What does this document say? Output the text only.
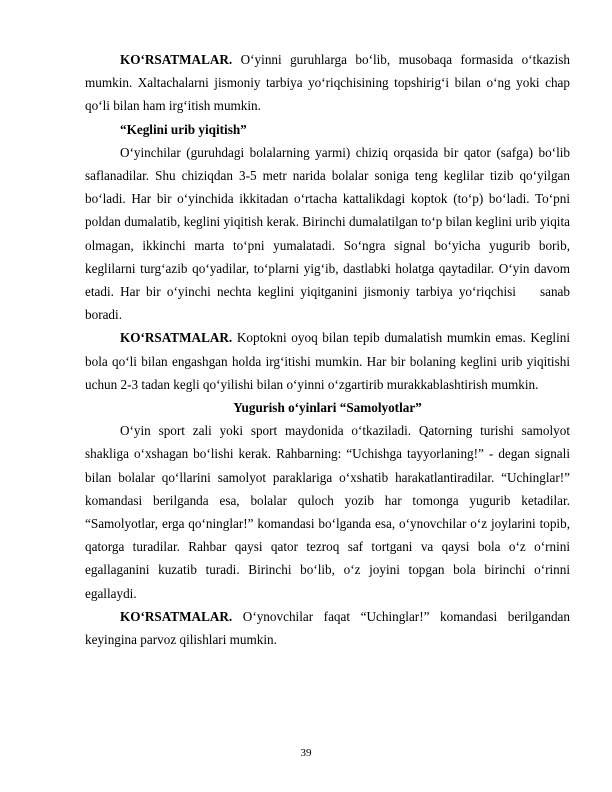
KO‘RSATMALAR. O‘yinni guruhlarga bo‘lib, musobaqa formasida o‘tkazish mumkin. Xaltachalarni jismoniy tarbiya yo‘riqchisining topshirig‘i bilan o‘ng yoki chap qo‘li bilan ham irg‘itish mumkin.

“Keglini urib yiqitish”

O‘yinchilar (guruhdagi bolalarning yarmi) chiziq orqasida bir qator (safga) bo‘lib saflanadilar. Shu chiziqdan 3-5 metr narida bolalar soniga teng keglilar tizib qo‘yilgan bo‘ladi. Har bir o‘yinchida ikkitadan o‘rtacha kattalikdagi koptok (to‘p) bo‘ladi. To‘pni poldan dumalatib, keglini yiqitish kerak. Birinchi dumalatilgan to‘p bilan keglini urib yiqita olmagan, ikkinchi marta to‘pni yumalatadi. So‘ngra signal bo‘yicha yugurib borib, keglilarni turg‘azib qo‘yadilar, to‘plarni yig‘ib, dastlabki holatga qaytadilar. O‘yin davom etadi. Har bir o‘yinchi nechta keglini yiqitganini jismoniy tarbiya yo‘riqchisi sanab boradi.

KO‘RSATMALAR. Koptokni oyoq bilan tepib dumalatish mumkin emas. Keglini bola qo‘li bilan engashgan holda irg‘itishi mumkin. Har bir bolaning keglini urib yiqitishi uchun 2-3 tadan kegli qo‘yilishi bilan o‘yinni o‘zgartirib murakkablashtirish mumkin.

Yugurish o‘yinlari “Samolyotlar”

O‘yin sport zali yoki sport maydonida o‘tkaziladi. Qatorning turishi samolyot shakliga o‘xshagan bo‘lishi kerak. Rahbarning: “Uchishga tayyorlaning!” - degan signali bilan bolalar qo‘llarini samolyot paraklariga o‘xshatib harakatlantiradilar. “Uchinglar!” komandasi berilganda esa, bolalar quloch yozib har tomonga yugurib ketadilar. “Samolyotlar, erga qo‘ninglar!” komandasi bo‘lganda esa, o‘ynovchilar o‘z joylarini topib, qatorga turadilar. Rahbar qaysi qator tezroq saf tortgani va qaysi bola o‘z o‘rnini egallaganini kuzatib turadi. Birinchi bo‘lib, o‘z joyini topgan bola birinchi o‘rinni egallaydi.

KO‘RSATMALAR. O‘ynovchilar faqat “Uchinglar!” komandasi berilgandan keyingina parvoz qilishlari mumkin.

39
